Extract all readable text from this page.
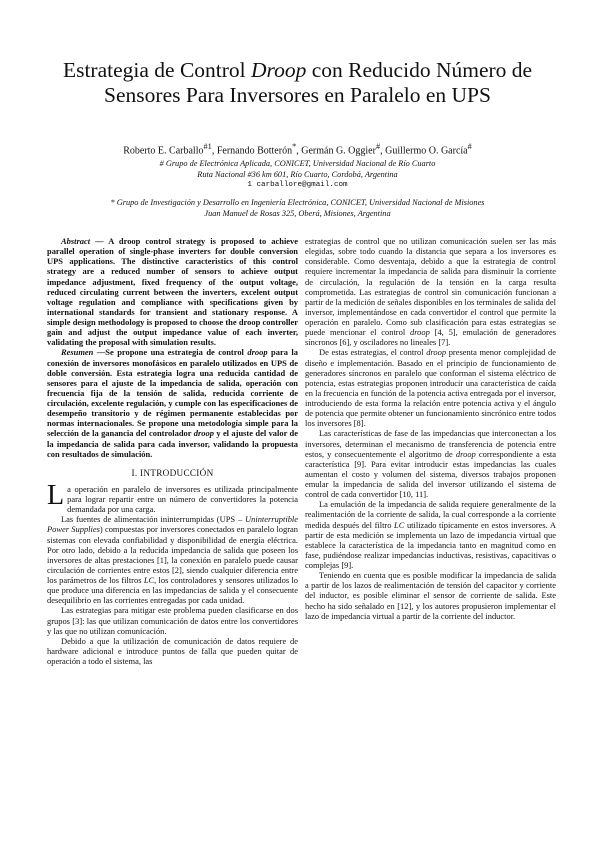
Estrategia de Control Droop con Reducido Número de Sensores Para Inversores en Paralelo en UPS
Roberto E. Carballo$^{\#1}$, Fernando Botterón*, Germán G. Oggier#, Guillermo O. García#
# Grupo de Electrónica Aplicada, CONICET, Universidad Nacional de Río Cuarto
Ruta Nacional #36 km 601, Río Cuarto, Cordobá, Argentina
1 carballore@gmail.com
* Grupo de Investigación y Desarrollo en Ingeniería Electrónica, CONICET, Universidad Nacional de Misiones
Juan Manuel de Rosas 325, Oberá, Misiones, Argentina

Abstract — A droop control strategy is proposed to achieve parallel operation of single-phase inverters for double conversion UPS applications. The distinctive caracteristics of this control strategy are a reduced number of sensors to achieve output impedance adjustment, fixed frequency of the output voltage, reduced circulating current between the inverters, excelent output voltage regulation and compliance with specifications given by international standards for transient and stationary response. A simple design methodology is proposed to choose the droop controller gain and adjust the output impedance value of each inverter, validating the proposal with simulation results.

Resumen —Se propone una estrategia de control droop para la conexión de inversores monofásicos en paralelo utilizados en UPS de doble conversión. Esta estrategia logra una reducida cantidad de sensores para el ajuste de la impedancia de salida, operación con frecuencia fija de la tensión de salida, reducida corriente de circulación, excelente regulación, y cumple con las especificaciones de desempeño transitorio y de régimen permanente establecidas por normas internacionales. Se propone una metodología simple para la selección de la ganancia del controlador droop y el ajuste del valor de la impedancia de salida para cada inversor, validando la propuesta con resultados de simulación.

I. INTRODUCCIÓN

La operación en paralelo de inversores es utilizada principalmente para lograr repartir entre un número de convertidores la potencia demandada por una carga.

Las fuentes de alimentación ininterrumpidas (UPS – Uninterruptible Power Supplies) compuestas por inversores conectados en paralelo logran sistemas con elevada confiabilidad y disponibilidad de energía eléctrica. Por otro lado, debido a la reducida impedancia de salida que poseen los inversores de altas prestaciones [1], la conexión en paralelo puede causar circulación de corrientes entre estos [2], siendo cualquier diferencia entre los parámetros de los filtros LC, los controladores y sensores utilizados lo que produce una diferencia en las impedancias de salida y el consecuente desequilibrio en las corrientes entregadas por cada unidad.

Las estrategias para mitigar este problema pueden clasificarse en dos grupos [3]: las que utilizan comunicación de datos entre los convertidores y las que no utilizan comunicación.

Debido a que la utilización de comunicación de datos requiere de hardware adicional e introduce puntos de falla que pueden quitar de operación a todo el sistema, las

estrategias de control que no utilizan comunicación suelen ser las más elegidas, sobre todo cuando la distancia que separa a los inversores es considerable. Como desventaja, debido a que la estrategia de control requiere incrementar la impedancia de salida para disminuir la corriente de circulación, la regulación de la tensión en la carga resulta comprometida. Las estrategias de control sin comunicación funcionan a partir de la medición de señales disponibles en los terminales de salida del inversor, implementándose en cada convertidor el control que permite la operación en paralelo. Como sub clasificación para estas estrategias se puede mencionar el control droop [4, 5], emulación de generadores síncronos [6], y osciladores no lineales [7].

De estas estrategias, el control droop presenta menor complejidad de diseño e implementación. Basado en el principio de funcionamiento de generadores síncronos en paralelo que conforman el sistema eléctrico de potencia, estas estrategias proponen introducir una característica de caída en la frecuencia en función de la potencia activa entregada por el inversor, introduciendo de esta forma la relación entre potencia activa y el ángulo de potencia que permite obtener un funcionamiento sincrónico entre todos los inversores [8].

Las características de fase de las impedancias que interconectan a los inversores, determinan el mecanismo de transferencia de potencia entre estos, y consecuentemente el algoritmo de droop correspondiente a esta característica [9]. Para evitar introducir estas impedancias las cuales aumentan el costo y volumen del sistema, diversos trabajos proponen emular la impedancia de salida del inversor utilizando el sistema de control de cada convertidor [10, 11].

La emulación de la impedancia de salida requiere generalmente de la realimentación de la corriente de salida, la cual corresponde a la corriente medida después del filtro LC utilizado típicamente en estos inversores. A partir de esta medición se implementa un lazo de impedancia virtual que establece la característica de la impedancia tanto en magnitud como en fase, pudiéndose realizar impedancias inductivas, resistivas, capacitivas o complejas [9].

Teniendo en cuenta que es posible modificar la impedancia de salida a partir de los lazos de realimentación de tensión del capacitor y corriente del inductor, es posible eliminar el sensor de corriente de salida. Este hecho ha sido señalado en [12], y los autores propusieron implementar el lazo de impedancia virtual a partir de la corriente del inductor.
